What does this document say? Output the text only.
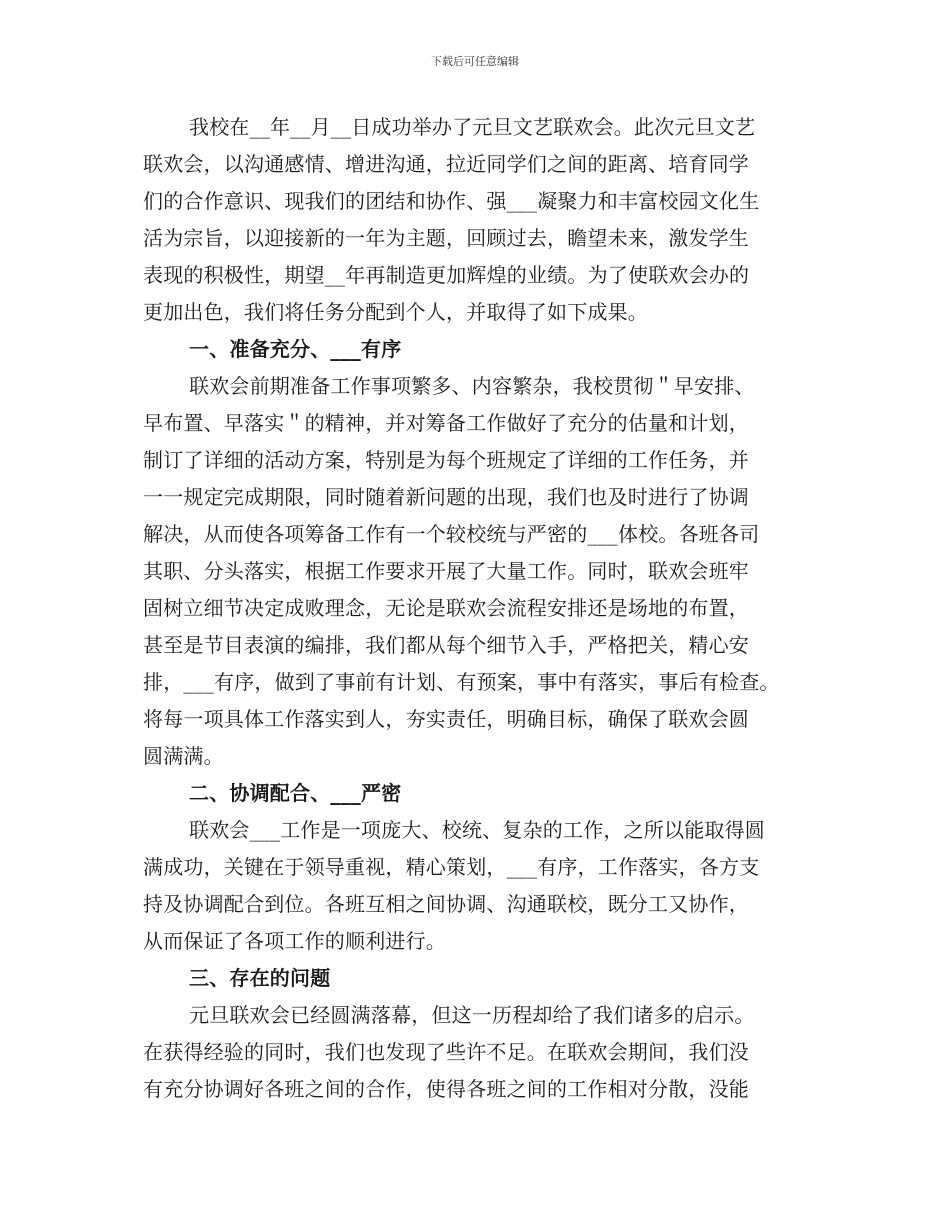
下载后可任意编辑
我校在__年__月__日成功举办了元旦文艺联欢会。此次元旦文艺
联欢会，以沟通感情、增进沟通，拉近同学们之间的距离、培育同学
们的合作意识、现我们的团结和协作、强___凝聚力和丰富校园文化生
活为宗旨，以迎接新的一年为主题，回顾过去，瞻望未来，激发学生
表现的积极性，期望__年再制造更加辉煌的业绩。为了使联欢会办的
更加出色，我们将任务分配到个人，并取得了如下成果。
一、准备充分、___有序
联欢会前期准备工作事项繁多、内容繁杂，我校贯彻＂早安排、
早布置、早落实＂的精神，并对筹备工作做好了充分的估量和计划，
制订了详细的活动方案，特别是为每个班规定了详细的工作任务，并
一一规定完成期限，同时随着新问题的出现，我们也及时进行了协调
解决，从而使各项筹备工作有一个较校统与严密的___体校。各班各司
其职、分头落实，根据工作要求开展了大量工作。同时，联欢会班牢
固树立细节决定成败理念，无论是联欢会流程安排还是场地的布置，
甚至是节目表演的编排，我们都从每个细节入手，严格把关，精心安
排，___有序，做到了事前有计划、有预案，事中有落实，事后有检查。
将每一项具体工作落实到人，夯实责任，明确目标，确保了联欢会圆
圆满满。
二、协调配合、___严密
联欢会___工作是一项庞大、校统、复杂的工作，之所以能取得圆
满成功，关键在于领导重视，精心策划，___有序，工作落实，各方支
持及协调配合到位。各班互相之间协调、沟通联校，既分工又协作，
从而保证了各项工作的顺利进行。
三、存在的问题
元旦联欢会已经圆满落幕，但这一历程却给了我们诸多的启示。
在获得经验的同时，我们也发现了些许不足。在联欢会期间，我们没
有充分协调好各班之间的合作，使得各班之间的工作相对分散，没能
